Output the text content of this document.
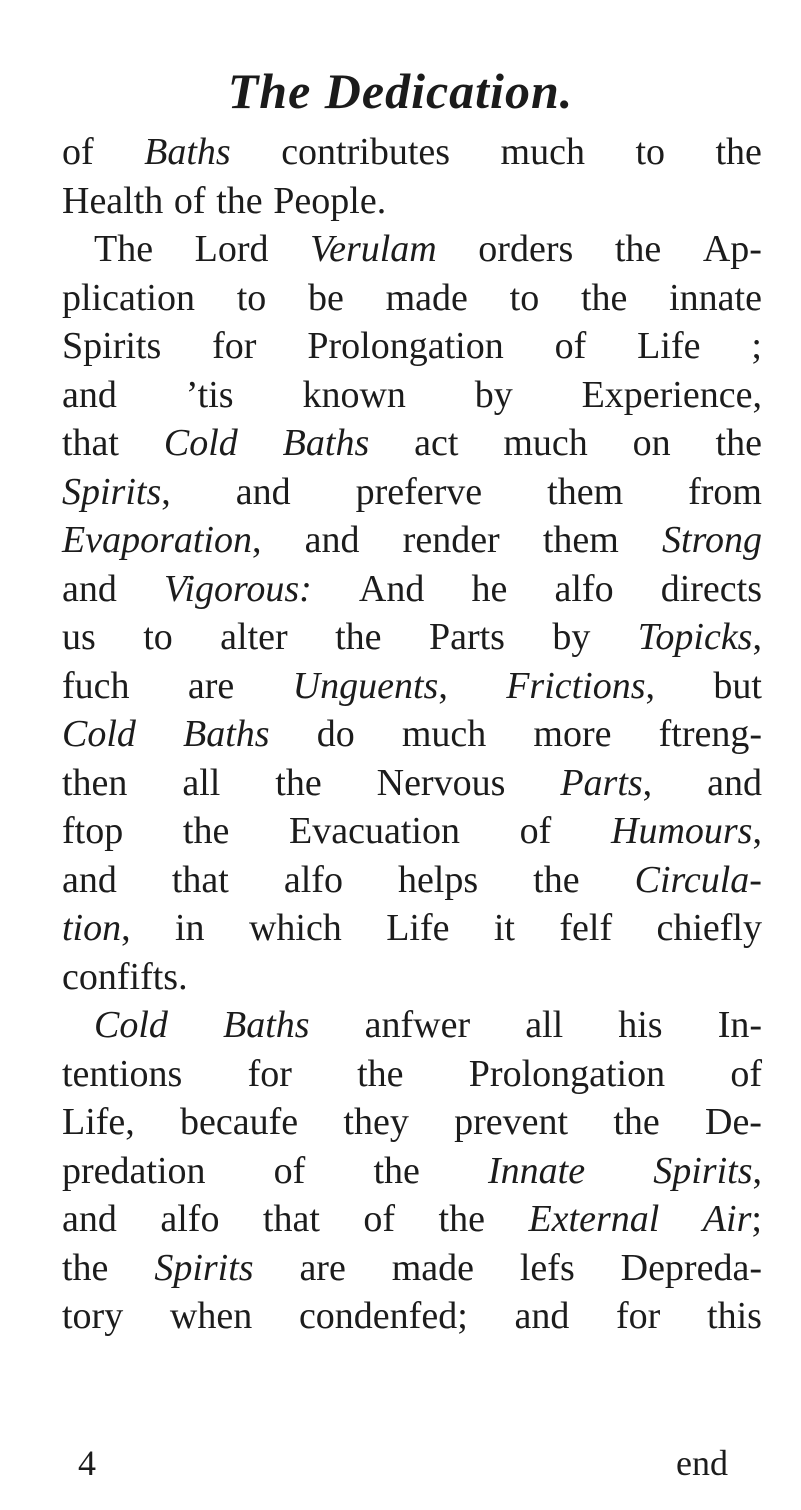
The Dedication.
of Baths contributes much to the
Health of the People.
The Lord Verulam orders the Ap-
plication to be made to the innate
Spirits for Prolongation of Life ;
and ’tis known by Experience,
that Cold Baths act much on the
Spirits, and preferve them from
Evaporation, and render them Strong
and Vigorous: And he alfo directs
us to alter the Parts by Topicks,
fuch are Unguents, Frictions, but
Cold Baths do much more ftreng-
then all the Nervous Parts, and
ftop the Evacuation of Humours,
and that alfo helps the Circula-
tion, in which Life it felf chiefly
confifts.
Cold Baths anfwer all his In-
tentions for the Prolongation of
Life, becaufe they prevent the De-
predation of the Innate Spirits,
and alfo that of the External Air;
the Spirits are made lefs Depreda-
tory when condenfed; and for this
4	end
